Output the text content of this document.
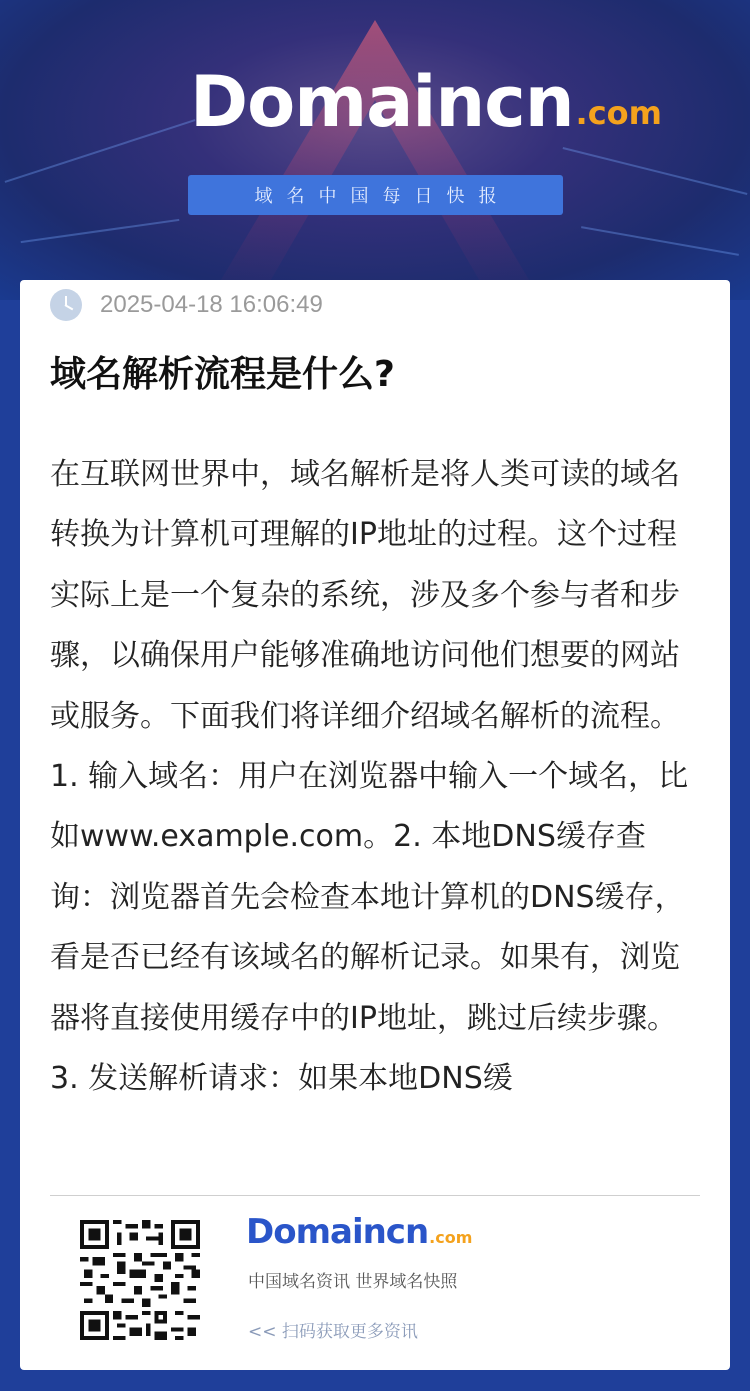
Domaincn .com
域名中国每日快报
2025-04-18 16:06:49
域名解析流程是什么?

在互联网世界中，域名解析是将人类可读的域名转换为计算机可理解的IP地址的过程。这个过程实际上是一个复杂的系统，涉及多个参与者和步骤，以确保用户能够准确地访问他们想要的网站或服务。下面我们将详细介绍域名解析的流程。1. 输入域名：用户在浏览器中输入一个域名，比如www.example.com。2. 本地DNS缓存查询：浏览器首先会检查本地计算机的DNS缓存，看是否已经有该域名的解析记录。如果有，浏览器将直接使用缓存中的IP地址，跳过后续步骤。3. 发送解析请求：如果本地DNS缓

Domaincn .com
中国域名资讯 世界域名快照
<< 扫码获取更多资讯
